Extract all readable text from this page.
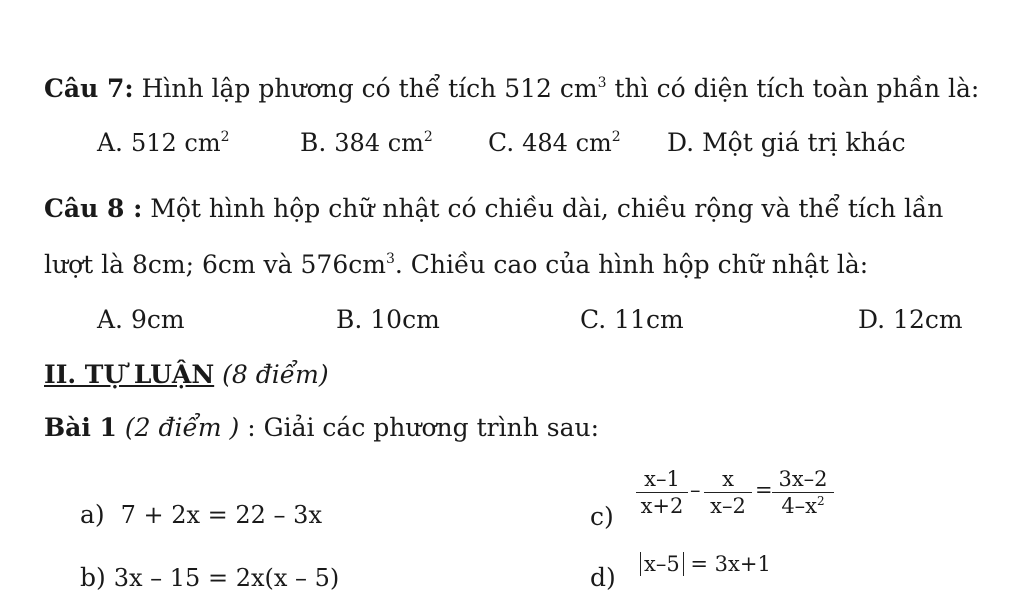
Câu 7: Hình lập phương có thể tích 512 $cm^3$ thì có diện tích toàn phần là:
A. 512 $cm^2$	B. 384 $cm^2$ C. 484 $cm^2$ D. Một giá trị khác
Câu 8 : Một hình hộp chữ nhật có chiều dài, chiều rộng và thể tích lần
lượt là 8cm; 6cm và $576cm^3$. Chiều cao của hình hộp chữ nhật là:
A. 9cm	B. 10cm	C. 11cm	D. 12cm
II. TỰ LUẬN (8 điểm)
Bài 1 (2 điểm ) : Giải các phương trình sau:
a) 7 + 2x = 22 – 3x
b) 3x – 15 = 2x(x – 5)
$c) \frac{x-1}{x+2} - \frac{x}{x-2} = \frac{3x-2}{4-x^2}$
d) x–5 = 3x+1
